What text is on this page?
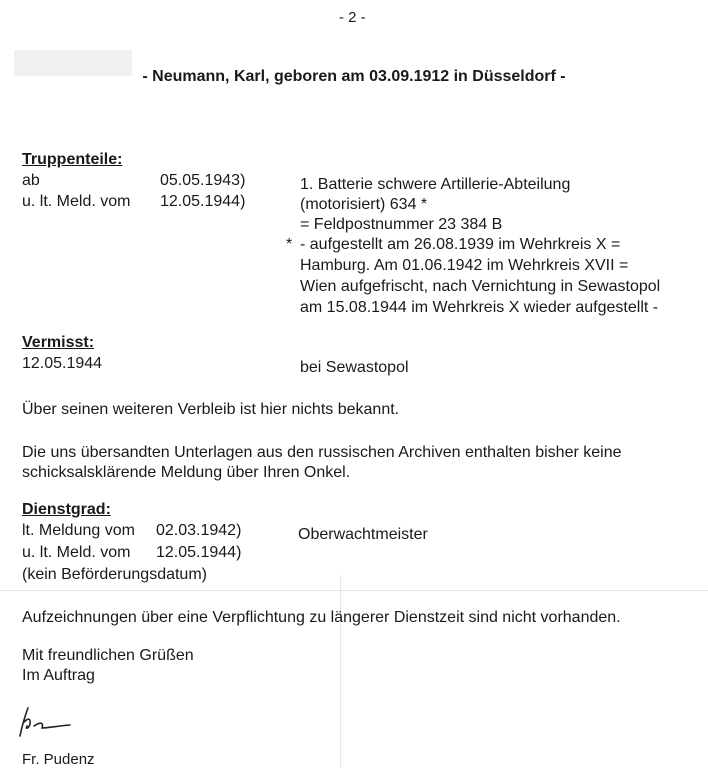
- 2 -
- Neumann, Karl, geboren am 03.09.1912 in Düsseldorf -
Truppenteile:
ab	05.05.1943)
u. lt. Meld. vom 12.05.1944)
1. Batterie schwere Artillerie-Abteilung
(motorisiert) 634 *
= Feldpostnummer 23 384 B
* - aufgestellt am 26.08.1939 im Wehrkreis X =
Hamburg. Am 01.06.1942 im Wehrkreis XVII =
Wien aufgefrischt, nach Vernichtung in Sewastopol
am 15.08.1944 im Wehrkreis X wieder aufgestellt -
Vermisst:
12.05.1944	bei Sewastopol
Über seinen weiteren Verbleib ist hier nichts bekannt.
Die uns übersandten Unterlagen aus den russischen Archiven enthalten bisher keine
schicksalsklärende Meldung über Ihren Onkel.
Dienstgrad:
lt. Meldung vom 02.03.1942)
u. lt. Meld. vom 12.05.1944)
(kein Beförderungsdatum)
Oberwachtmeister
Aufzeichnungen über eine Verpflichtung zu längerer Dienstzeit sind nicht vorhanden.
Mit freundlichen Grüßen
Im Auftrag
Fr. Pudenz
